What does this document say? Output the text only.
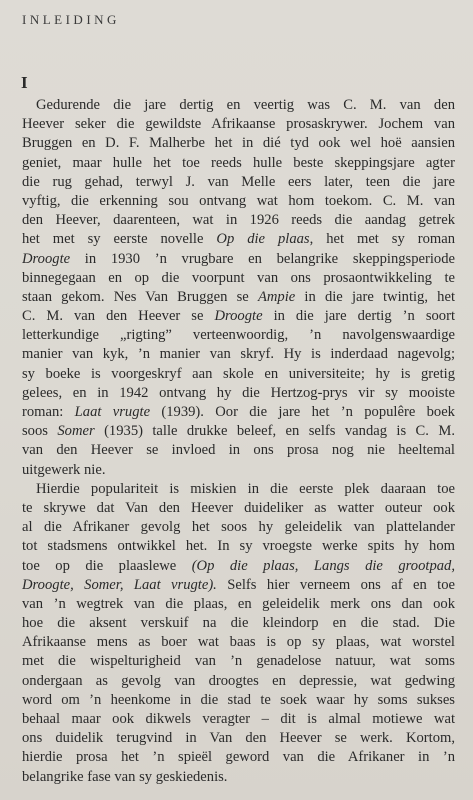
INLEIDING
I
Gedurende die jare dertig en veertig was C. M. van den
Heever seker die gewildste Afrikaanse prosaskrywer. Jochem van
Bruggen en D. F. Malherbe het in dié tyd ook wel hoë aansien
geniet, maar hulle het toe reeds hulle beste skeppingsjare agter
die rug gehad, terwyl J. van Melle eers later, teen die jare
vyftig, die erkenning sou ontvang wat hom toekom. C. M. van
den Heever, daarenteen, wat in 1926 reeds die aandag getrek
het met sy eerste novelle Op die plaas, het met sy roman
Droogte in 1930 ’n vrugbare en belangrike skeppingsperiode
binnegegaan en op die voorpunt van ons prosaontwikkeling te
staan gekom. Nes Van Bruggen se Ampie in die jare twintig, het
C. M. van den Heever se Droogte in die jare dertig ’n soort
letterkundige „rigting” verteenwoordig, ’n navolgenswaardige
manier van kyk, ’n manier van skryf. Hy is inderdaad nagevolg;
sy boeke is voorgeskryf aan skole en universiteite; hy is gretig
gelees, en in 1942 ontvang hy die Hertzog-prys vir sy mooiste
roman: Laat vrugte (1939). Oor die jare het ’n populêre boek
soos Somer (1935) talle drukke beleef, en selfs vandag is C. M.
van den Heever se invloed in ons prosa nog nie heeltemal
uitgewerk nie.
Hierdie populariteit is miskien in die eerste plek daaraan toe
te skrywe dat Van den Heever duideliker as watter outeur ook
al die Afrikaner gevolg het soos hy geleidelik van plattelander
tot stadsmens ontwikkel het. In sy vroegste werke spits hy hom
toe op die plaaslewe (Op die plaas, Langs die grootpad,
Droogte, Somer, Laat vrugte). Selfs hier verneem ons af en toe
van ’n wegtrek van die plaas, en geleidelik merk ons dan ook
hoe die aksent verskuif na die kleindorp en die stad. Die
Afrikaanse mens as boer wat baas is op sy plaas, wat worstel
met die wispelturigheid van ’n genadelose natuur, wat soms
ondergaan as gevolg van droogtes en depressie, wat gedwing
word om ’n heenkome in die stad te soek waar hy soms sukses
behaal maar ook dikwels veragter – dit is almal motiewe wat
ons duidelik terugvind in Van den Heever se werk. Kortom,
hierdie prosa het ’n spieël geword van die Afrikaner in ’n
belangrike fase van sy geskiedenis.
